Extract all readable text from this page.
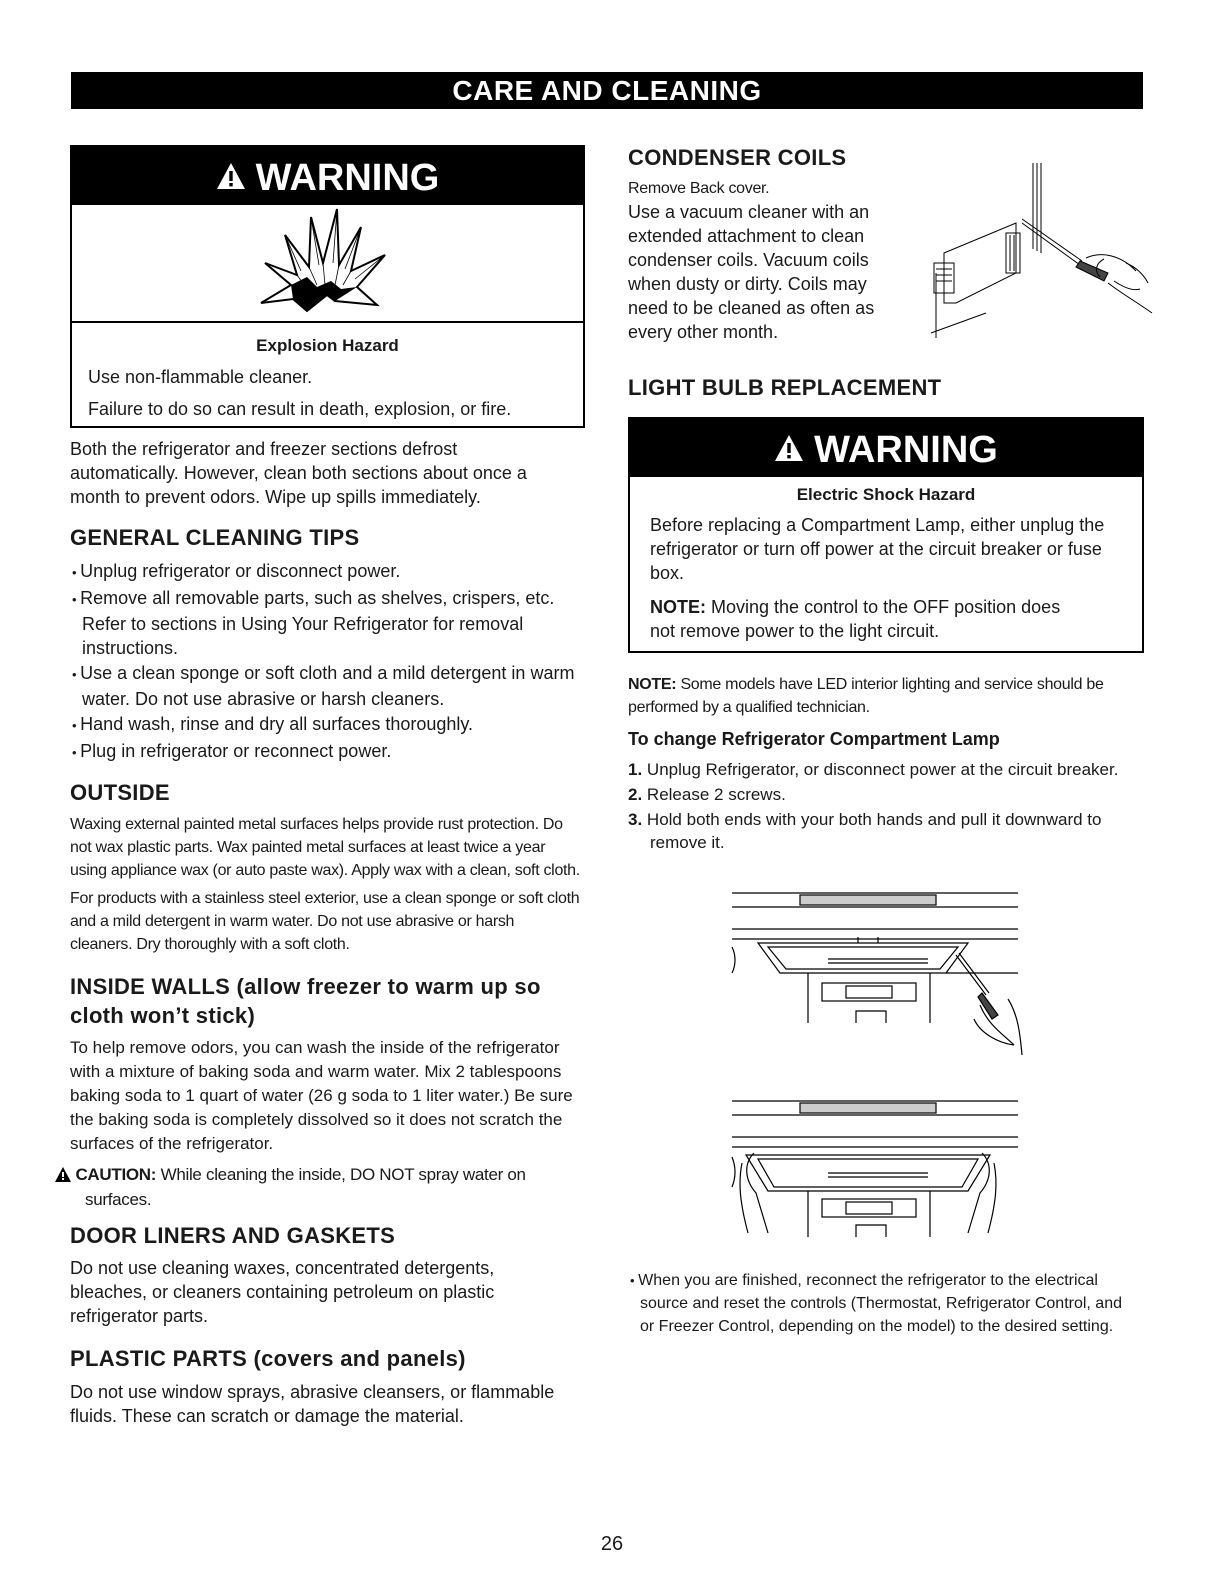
CARE AND CLEANING
WARNING
Explosion Hazard

Use non-flammable cleaner.

Failure to do so can result in death, explosion, or fire.

Both the refrigerator and freezer sections defrost automatically. However, clean both sections about once a month to prevent odors. Wipe up spills immediately.

GENERAL CLEANING TIPS
• Unplug refrigerator or disconnect power.
• Remove all removable parts, such as shelves, crispers, etc. Refer to sections in Using Your Refrigerator for removal instructions.
• Use a clean sponge or soft cloth and a mild detergent in warm water. Do not use abrasive or harsh cleaners.
• Hand wash, rinse and dry all surfaces thoroughly.
• Plug in refrigerator or reconnect power.
OUTSIDE

Waxing external painted metal surfaces helps provide rust protection. Do not wax plastic parts. Wax painted metal surfaces at least twice a year using appliance wax (or auto paste wax). Apply wax with a clean, soft cloth.

For products with a stainless steel exterior, use a clean sponge or soft cloth and a mild detergent in warm water. Do not use abrasive or harsh cleaners. Dry thoroughly with a soft cloth.

INSIDE WALLS (allow freezer to warm up so cloth won’t stick)

To help remove odors, you can wash the inside of the refrigerator with a mixture of baking soda and warm water. Mix 2 tablespoons baking soda to 1 quart of water (26 g soda to 1 liter water.) Be sure the baking soda is completely dissolved so it does not scratch the surfaces of the refrigerator.

CAUTION: While cleaning the inside, DO NOT spray water on surfaces.

DOOR LINERS AND GASKETS

Do not use cleaning waxes, concentrated detergents, bleaches, or cleaners containing petroleum on plastic refrigerator parts.

PLASTIC PARTS (covers and panels)

Do not use window sprays, abrasive cleansers, or flammable fluids. These can scratch or damage the material.

CONDENSER COILS

Remove Back cover.

Use a vacuum cleaner with an extended attachment to clean condenser coils. Vacuum coils when dusty or dirty. Coils may need to be cleaned as often as every other month.

LIGHT BULB REPLACEMENT
WARNING
Electric Shock Hazard

Before replacing a Compartment Lamp, either unplug the refrigerator or turn off power at the circuit breaker or fuse box.

NOTE: Moving the control to the OFF position does not remove power to the light circuit.

NOTE: Some models have LED interior lighting and service should be performed by a qualified technician.

To change Refrigerator Compartment Lamp
1. Unplug Refrigerator, or disconnect power at the circuit breaker.
2. Release 2 screws.
3. Hold both ends with your both hands and pull it downward to remove it.
• When you are finished, reconnect the refrigerator to the electrical source and reset the controls (Thermostat, Refrigerator Control, and or Freezer Control, depending on the model) to the desired setting.
26
